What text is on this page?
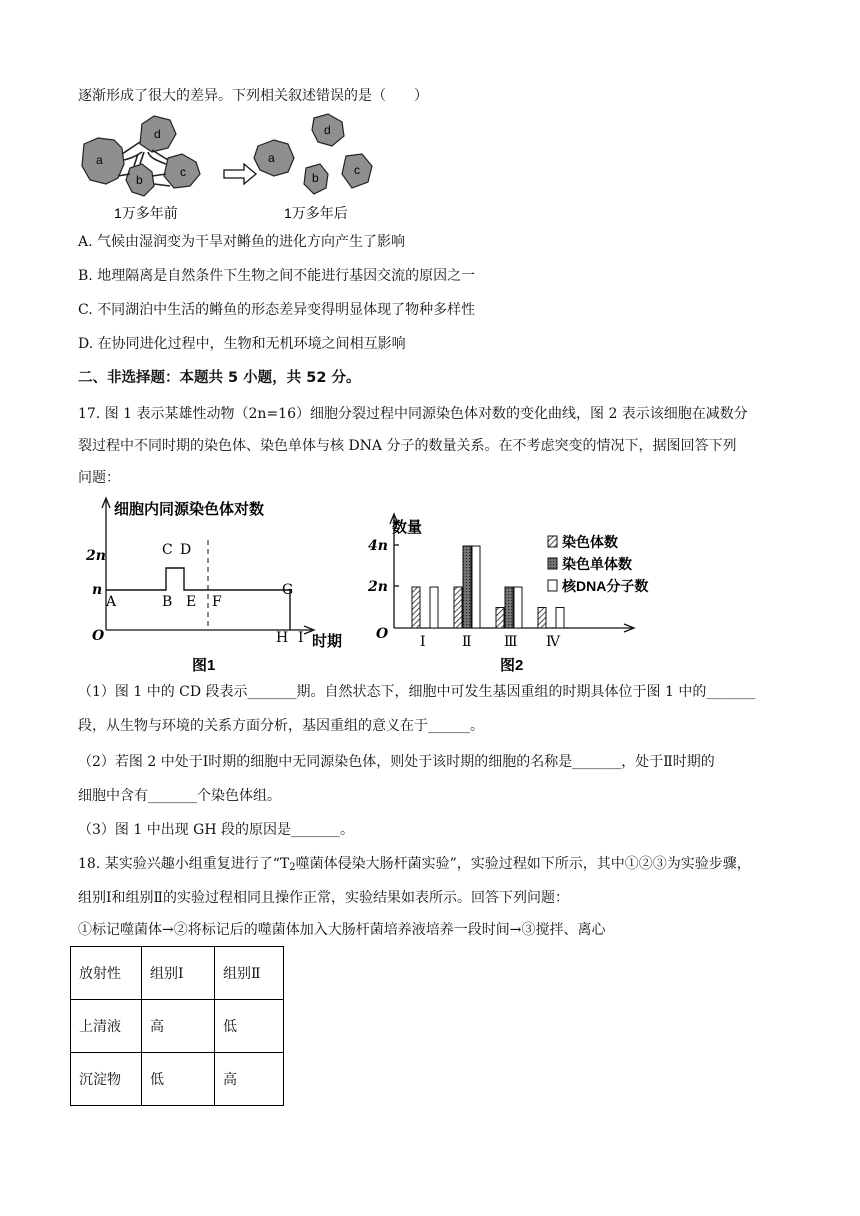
逐渐形成了很大的差异。下列相关叙述错误的是（　　）
a
d
b
c
a
d
b
c
1万多年前	1万多年后
A. 气候由湿润变为干旱对鳉鱼的进化方向产生了影响
B. 地理隔离是自然条件下生物之间不能进行基因交流的原因之一
C. 不同湖泊中生活的鳉鱼的形态差异变得明显体现了物种多样性
D. 在协同进化过程中，生物和无机环境之间相互影响
二、非选择题：本题共 5 小题，共 52 分。
17. 图 1 表示某雄性动物（2n=16）细胞分裂过程中同源染色体对数的变化曲线，图 2 表示该细胞在减数分
裂过程中不同时期的染色体、染色单体与核 DNA 分子的数量关系。在不考虑突变的情况下，据图回答下列
问题：
细胞内同源染色体对数
2n
n
O
A	B
C D
E F
G
H I 时期
图1
数量
4n
2n
O Ⅰ	Ⅱ Ⅲ Ⅳ
染色体数
染色单体数
核DNA分子数
图2
（1）图 1 中的 CD 段表示_______期。自然状态下，细胞中可发生基因重组的时期具体位于图 1 中的_______
段，从生物与环境的关系方面分析，基因重组的意义在于______。
（2）若图 2 中处于Ⅰ时期的细胞中无同源染色体，则处于该时期的细胞的名称是_______，处于Ⅱ时期的
细胞中含有_______个染色体组。
（3）图 1 中出现 GH 段的原因是_______。
18. 某实验兴趣小组重复进行了“$T_2$噬菌体侵染大肠杆菌实验”，实验过程如下所示，其中①②③为实验步骤，
组别Ⅰ和组别Ⅱ的实验过程相同且操作正常，实验结果如表所示。回答下列问题：
①标记噬菌体→②将标记后的噬菌体加入大肠杆菌培养液培养一段时间→③搅拌、离心
放射性	组别Ⅰ	组别Ⅱ
上清液	高	低
沉淀物	低	高
